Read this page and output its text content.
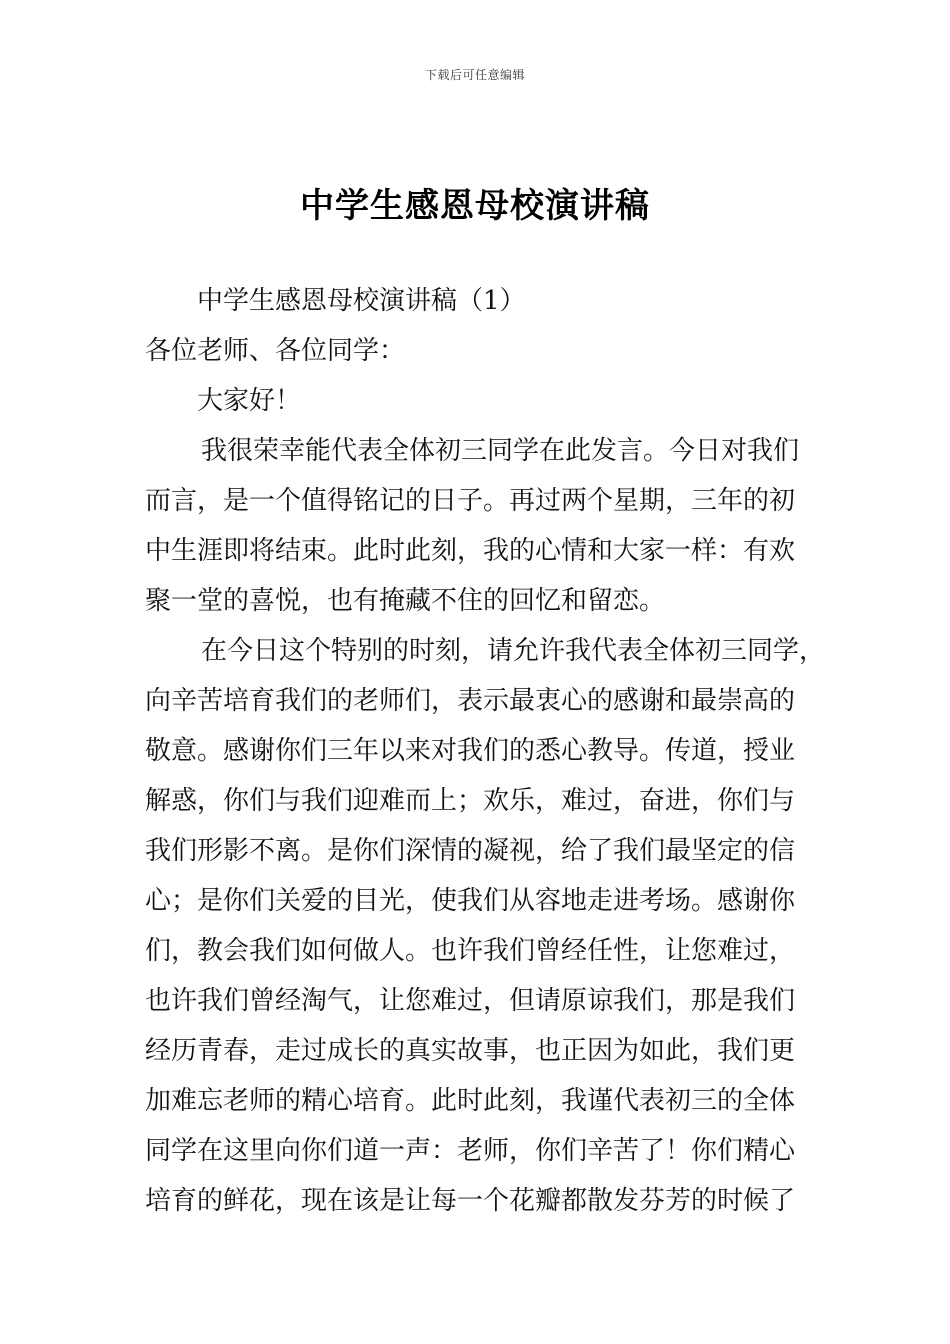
下载后可任意编辑
中学生感恩母校演讲稿
中学生感恩母校演讲稿（1）
各位老师、各位同学：
大家好！
我很荣幸能代表全体初三同学在此发言。今日对我们
而言，是一个值得铭记的日子。再过两个星期，三年的初
中生涯即将结束。此时此刻，我的心情和大家一样：有欢
聚一堂的喜悦，也有掩藏不住的回忆和留恋。
在今日这个特别的时刻，请允许我代表全体初三同学，
向辛苦培育我们的老师们，表示最衷心的感谢和最崇高的
敬意。感谢你们三年以来对我们的悉心教导。传道，授业
解惑，你们与我们迎难而上；欢乐，难过，奋进，你们与
我们形影不离。是你们深情的凝视，给了我们最坚定的信
心；是你们关爱的目光，使我们从容地走进考场。感谢你
们，教会我们如何做人。也许我们曾经任性，让您难过，
也许我们曾经淘气，让您难过，但请原谅我们，那是我们
经历青春，走过成长的真实故事，也正因为如此，我们更
加难忘老师的精心培育。此时此刻，我谨代表初三的全体
同学在这里向你们道一声：老师，你们辛苦了！你们精心
培育的鲜花，现在该是让每一个花瓣都散发芬芳的时候了
